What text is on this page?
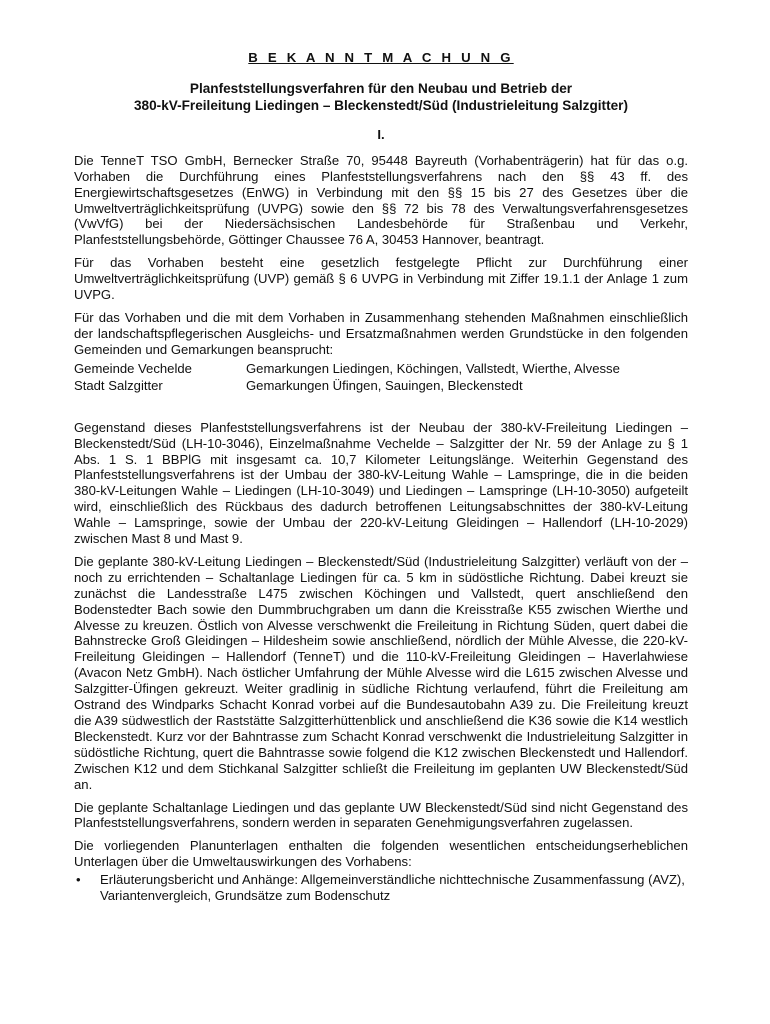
B E K A N N T M A C H U N G
Planfeststellungsverfahren für den Neubau und Betrieb der
380-kV-Freileitung Liedingen – Bleckenstedt/Süd (Industrieleitung Salzgitter)
I.

Die TenneT TSO GmbH, Bernecker Straße 70, 95448 Bayreuth (Vorhabenträgerin) hat für das o.g. Vorhaben die Durchführung eines Planfeststellungsverfahrens nach den §§ 43 ff. des Energiewirtschaftsgesetzes (EnWG) in Verbindung mit den §§ 15 bis 27 des Gesetzes über die Umweltverträglichkeitsprüfung (UVPG) sowie den §§ 72 bis 78 des Verwaltungsverfahrensgesetzes (VwVfG) bei der Niedersächsischen Landesbehörde für Straßenbau und Verkehr, Planfeststellungsbehörde, Göttinger Chaussee 76 A, 30453 Hannover, beantragt.

Für das Vorhaben besteht eine gesetzlich festgelegte Pflicht zur Durchführung einer Umweltverträglichkeitsprüfung (UVP) gemäß § 6 UVPG in Verbindung mit Ziffer 19.1.1 der Anlage 1 zum UVPG.

Für das Vorhaben und die mit dem Vorhaben in Zusammenhang stehenden Maßnahmen einschließlich der landschaftspflegerischen Ausgleichs- und Ersatzmaßnahmen werden Grundstücke in den folgenden Gemeinden und Gemarkungen beansprucht:

Gemeinde Vechelde	Gemarkungen Liedingen, Köchingen, Vallstedt, Wierthe, Alvesse
Stadt Salzgitter	Gemarkungen Üfingen, Sauingen, Bleckenstedt

Gegenstand dieses Planfeststellungsverfahrens ist der Neubau der 380-kV-Freileitung Liedingen – Bleckenstedt/Süd (LH-10-3046), Einzelmaßnahme Vechelde – Salzgitter der Nr. 59 der Anlage zu § 1 Abs. 1 S. 1 BBPlG mit insgesamt ca. 10,7 Kilometer Leitungslänge. Weiterhin Gegenstand des Planfeststellungsverfahrens ist der Umbau der 380-kV-Leitung Wahle – Lamspringe, die in die beiden 380-kV-Leitungen Wahle – Liedingen (LH-10-3049) und Liedingen – Lamspringe (LH-10-3050) aufgeteilt wird, einschließlich des Rückbaus des dadurch betroffenen Leitungsabschnittes der 380-kV-Leitung Wahle – Lamspringe, sowie der Umbau der 220-kV-Leitung Gleidingen – Hallendorf (LH-10-2029) zwischen Mast 8 und Mast 9.

Die geplante 380-kV-Leitung Liedingen – Bleckenstedt/Süd (Industrieleitung Salzgitter) verläuft von der – noch zu errichtenden – Schaltanlage Liedingen für ca. 5 km in südöstliche Richtung. Dabei kreuzt sie zunächst die Landesstraße L475 zwischen Köchingen und Vallstedt, quert anschließend den Bodenstedter Bach sowie den Dummbruchgraben um dann die Kreisstraße K55 zwischen Wierthe und Alvesse zu kreuzen. Östlich von Alvesse verschwenkt die Freileitung in Richtung Süden, quert dabei die Bahnstrecke Groß Gleidingen – Hildesheim sowie anschließend, nördlich der Mühle Alvesse, die 220-kV-Freileitung Gleidingen – Hallendorf (TenneT) und die 110-kV-Freileitung Gleidingen – Haverlahwiese (Avacon Netz GmbH). Nach östlicher Umfahrung der Mühle Alvesse wird die L615 zwischen Alvesse und Salzgitter-Üfingen gekreuzt. Weiter gradlinig in südliche Richtung verlaufend, führt die Freileitung am Ostrand des Windparks Schacht Konrad vorbei auf die Bundesautobahn A39 zu. Die Freileitung kreuzt die A39 südwestlich der Raststätte Salzgitterhüttenblick und anschließend die K36 sowie die K14 westlich Bleckenstedt. Kurz vor der Bahntrasse zum Schacht Konrad verschwenkt die Industrieleitung Salzgitter in südöstliche Richtung, quert die Bahntrasse sowie folgend die K12 zwischen Bleckenstedt und Hallendorf. Zwischen K12 und dem Stichkanal Salzgitter schließt die Freileitung im geplanten UW Bleckenstedt/Süd an.

Die geplante Schaltanlage Liedingen und das geplante UW Bleckenstedt/Süd sind nicht Gegenstand des Planfeststellungsverfahrens, sondern werden in separaten Genehmigungsverfahren zugelassen.

Die vorliegenden Planunterlagen enthalten die folgenden wesentlichen entscheidungserheblichen Unterlagen über die Umweltauswirkungen des Vorhabens:

•	Erläuterungsbericht und Anhänge: Allgemeinverständliche nichttechnische Zusammenfassung (AVZ), Variantenvergleich, Grundsätze zum Bodenschutz
